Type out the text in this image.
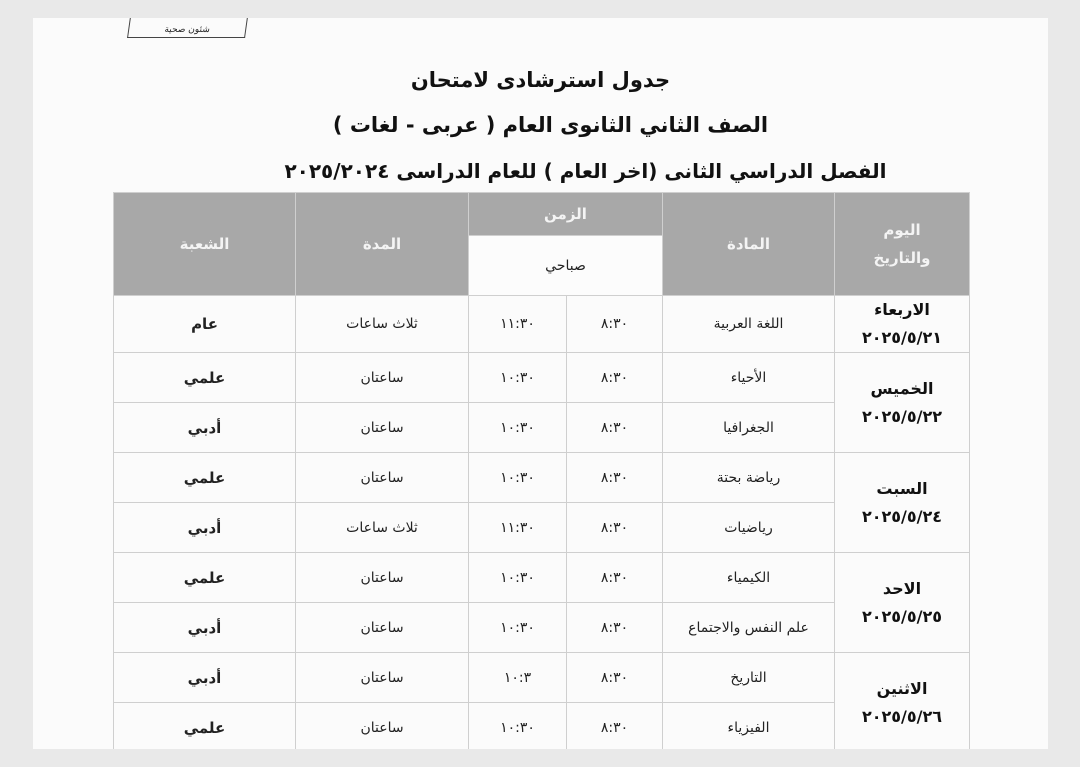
شئون صحية
جدول استرشادى لامتحان
الصف الثاني الثانوى العام ( عربى - لغات )
الفصل الدراسي الثانى (اخر العام ) للعام الدراسى ٢٠٢٥/٢٠٢٤
اليوم
والتاريخ	المادة	الزمن		المدة	الشعبة
		صباحي			

الاربعاء
٢٠٢٥/٥/٢١	اللغة العربية	٨:٣٠	١١:٣٠	ثلاث ساعات	عام

الخميس
٢٠٢٥/٥/٢٢	الأحياء	٨:٣٠	١٠:٣٠	ساعتان	علمي
	الجغرافيا	٨:٣٠	١٠:٣٠	ساعتان	أدبي

السبت
٢٠٢٥/٥/٢٤	رياضة بحتة	٨:٣٠	١٠:٣٠	ساعتان	علمي
	رياضيات	٨:٣٠	١١:٣٠	ثلاث ساعات	أدبي

الاحد
٢٠٢٥/٥/٢٥	الكيمياء	٨:٣٠	١٠:٣٠	ساعتان	علمي
	علم النفس والاجتماع	٨:٣٠	١٠:٣٠	ساعتان	أدبي

الاثنين
٢٠٢٥/٥/٢٦	التاريخ	٨:٣٠	١٠:٣	ساعتان	أدبي
	الفيزياء	٨:٣٠	١٠:٣٠	ساعتان	علمي
